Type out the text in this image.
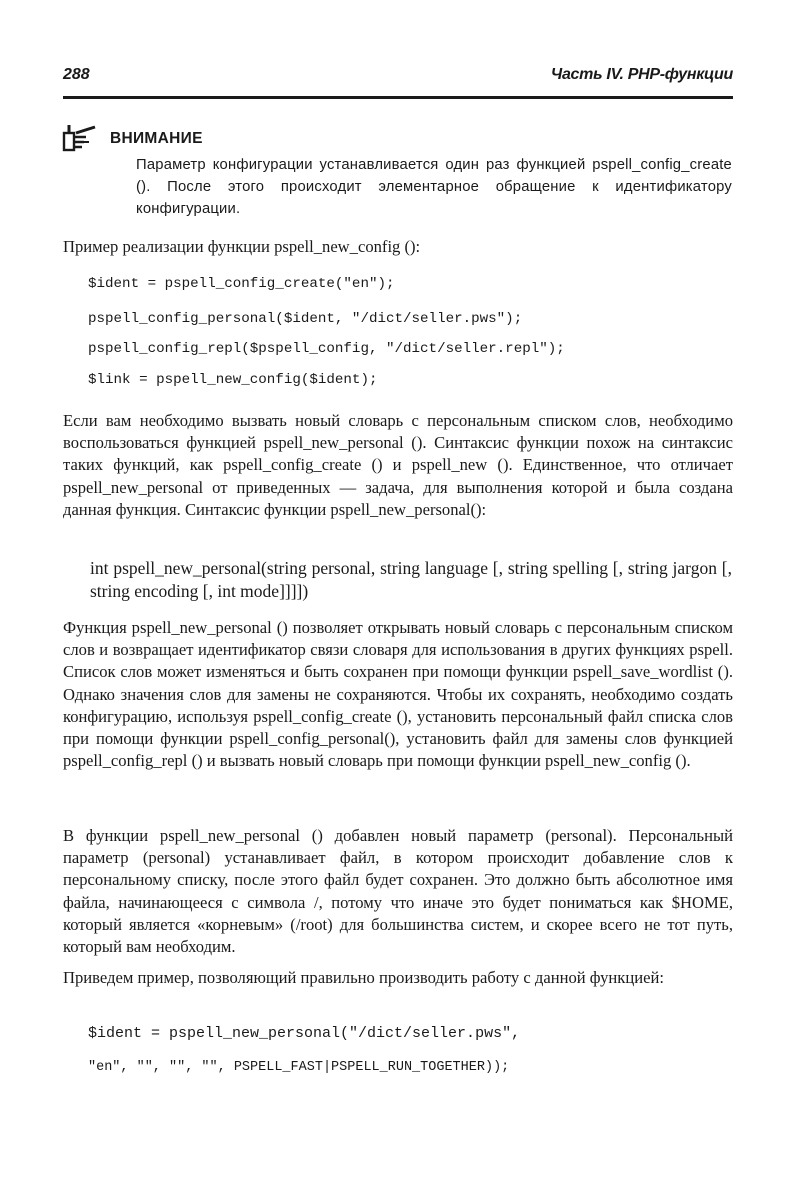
288	Часть IV. PHP-функции
ВНИМАНИЕ
Параметр конфигурации устанавливается один раз функцией pspell_config_create (). После этого происходит элементарное обращение к идентификатору конфигурации.
Пример реализации функции pspell_new_config ():
$ident = pspell_config_create("en");
pspell_config_personal($ident, "/dict/seller.pws");
pspell_config_repl($pspell_config, "/dict/seller.repl");
$link = pspell_new_config($ident);
Если вам необходимо вызвать новый словарь с персональным списком слов, необходимо воспользоваться функцией pspell_new_personal (). Синтаксис функции похож на синтаксис таких функций, как pspell_config_create () и pspell_new (). Единственное, что отличает pspell_new_personal от приведенных — задача, для выполнения которой и была создана данная функция. Синтаксис функции pspell_new_personal():
int pspell_new_personal(string personal, string language [, string spelling [, string jargon [, string encoding [, int mode]]]])
Функция pspell_new_personal () позволяет открывать новый словарь с персональным списком слов и возвращает идентификатор связи словаря для использования в других функциях pspell. Список слов может изменяться и быть сохранен при помощи функции pspell_save_wordlist (). Однако значения слов для замены не сохраняются. Чтобы их сохранять, необходимо создать конфигурацию, используя pspell_config_create (), установить персональный файл списка слов при помощи функции pspell_config_personal(), установить файл для замены слов функцией pspell_config_repl () и вызвать новый словарь при помощи функции pspell_new_config ().
В функции pspell_new_personal () добавлен новый параметр (personal). Персональный параметр (personal) устанавливает файл, в котором происходит добавление слов к персональному списку, после этого файл будет сохранен. Это должно быть абсолютное имя файла, начинающееся с символа /, потому что иначе это будет пониматься как $HOME, который является «корневым» (/root) для большинства систем, и скорее всего не тот путь, который вам необходим.
Приведем пример, позволяющий правильно производить работу с данной функцией:
$ident = pspell_new_personal("/dict/seller.pws",
"en", "", "", "", PSPELL_FAST|PSPELL_RUN_TOGETHER));
